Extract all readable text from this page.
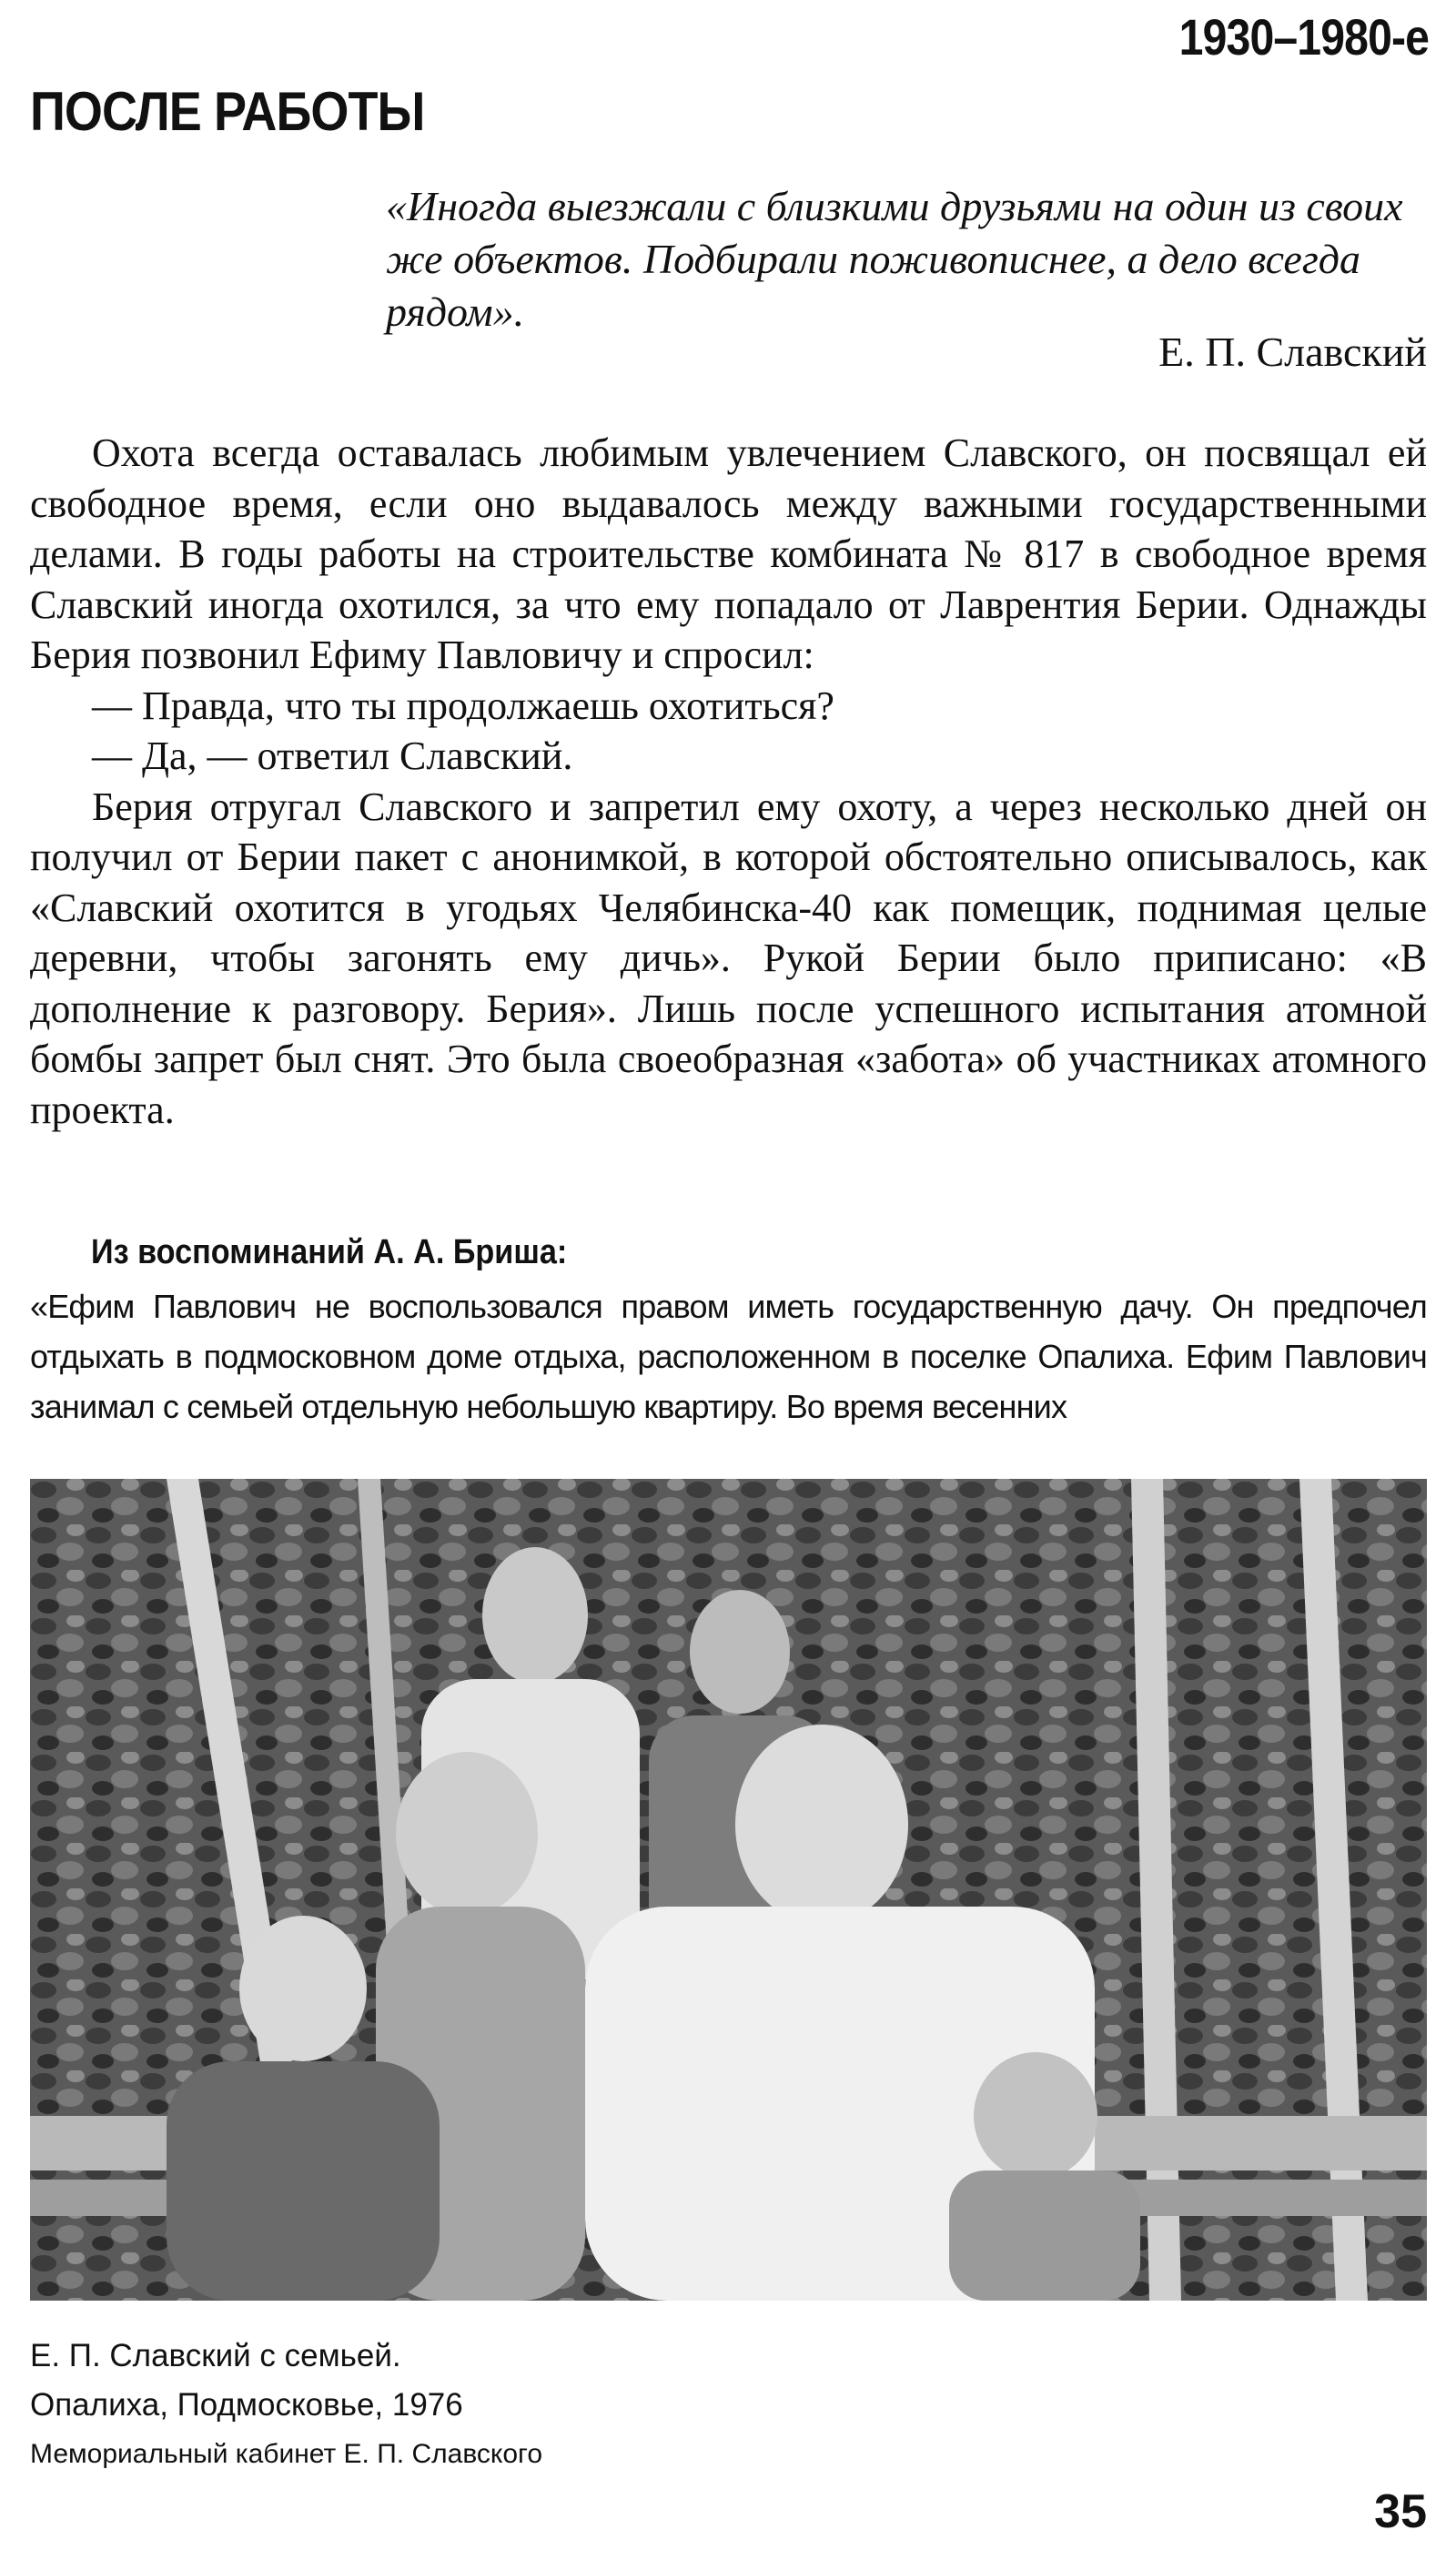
1930–1980-е
ПОСЛЕ РАБОТЫ
«Иногда выезжали с близкими друзьями на один из своих же объектов. Подбирали поживописнее, а дело всегда рядом».
Е. П. Славский

Охота всегда оставалась любимым увлечением Славского, он посвящал ей свободное время, если оно выдавалось между важными государственными делами. В годы работы на строительстве комбината № 817 в свободное время Славский иногда охотился, за что ему попадало от Лаврентия Берии. Однажды Берия позвонил Ефиму Павловичу и спросил:

— Правда, что ты продолжаешь охотиться?

— Да, — ответил Славский.

Берия отругал Славского и запретил ему охоту, а через несколько дней он получил от Берии пакет с анонимкой, в которой обстоятельно описывалось, как «Славский охотится в угодьях Челябинска-40 как помещик, поднимая целые деревни, чтобы загонять ему дичь». Рукой Берии было приписано: «В дополнение к разговору. Берия». Лишь после успешного испытания атомной бомбы запрет был снят. Это была своеобразная «забота» об участниках атомного проекта.

Из воспоминаний А. А. Бриша:
«Ефим Павлович не воспользовался правом иметь государственную дачу. Он предпочел отдыхать в подмосковном доме отдыха, расположенном в поселке Опалиха. Ефим Павлович занимал с семьей отдельную небольшую квартиру. Во время весенних
Е. П. Славский с семьей.
Опалиха, Подмосковье, 1976
Мемориальный кабинет Е. П. Славского
35
